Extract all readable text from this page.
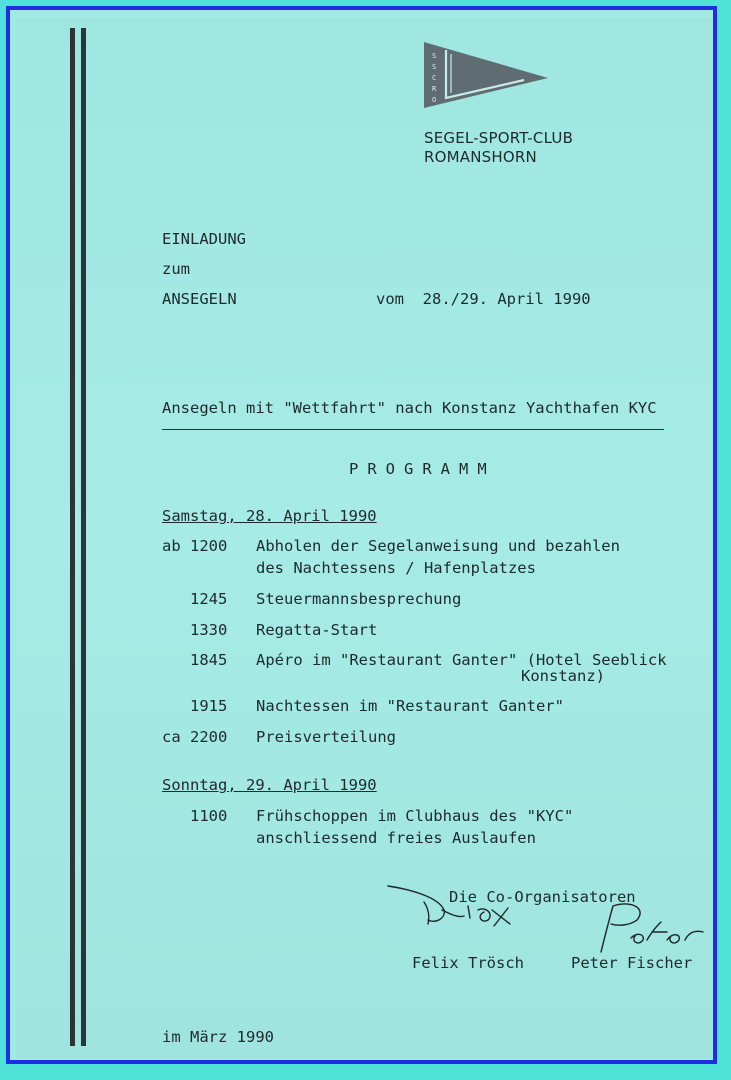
S
S
C
R
O
SEGEL-SPORT-CLUB
ROMANSHORN
EINLADUNG
zum
ANSEGELN	vom  28./29. April 1990
Ansegeln mit "Wettfahrt" nach Konstanz Yachthafen KYC
PROGRAMM
Samstag, 28. April 1990
ab 1200 Abholen der Segelanweisung und bezahlen
des Nachtessens / Hafenplatzes
1245 Steuermannsbesprechung
1330 Regatta-Start
1845 Apéro im "Restaurant Ganter" (Hotel Seeblick
Konstanz)
1915 Nachtessen im "Restaurant Ganter"
ca 2200 Preisverteilung
Sonntag, 29. April 1990
1100 Frühschoppen im Clubhaus des "KYC"
anschliessend freies Auslaufen
Die Co-Organisatoren
Felix Trösch	Peter Fischer
im März 1990
